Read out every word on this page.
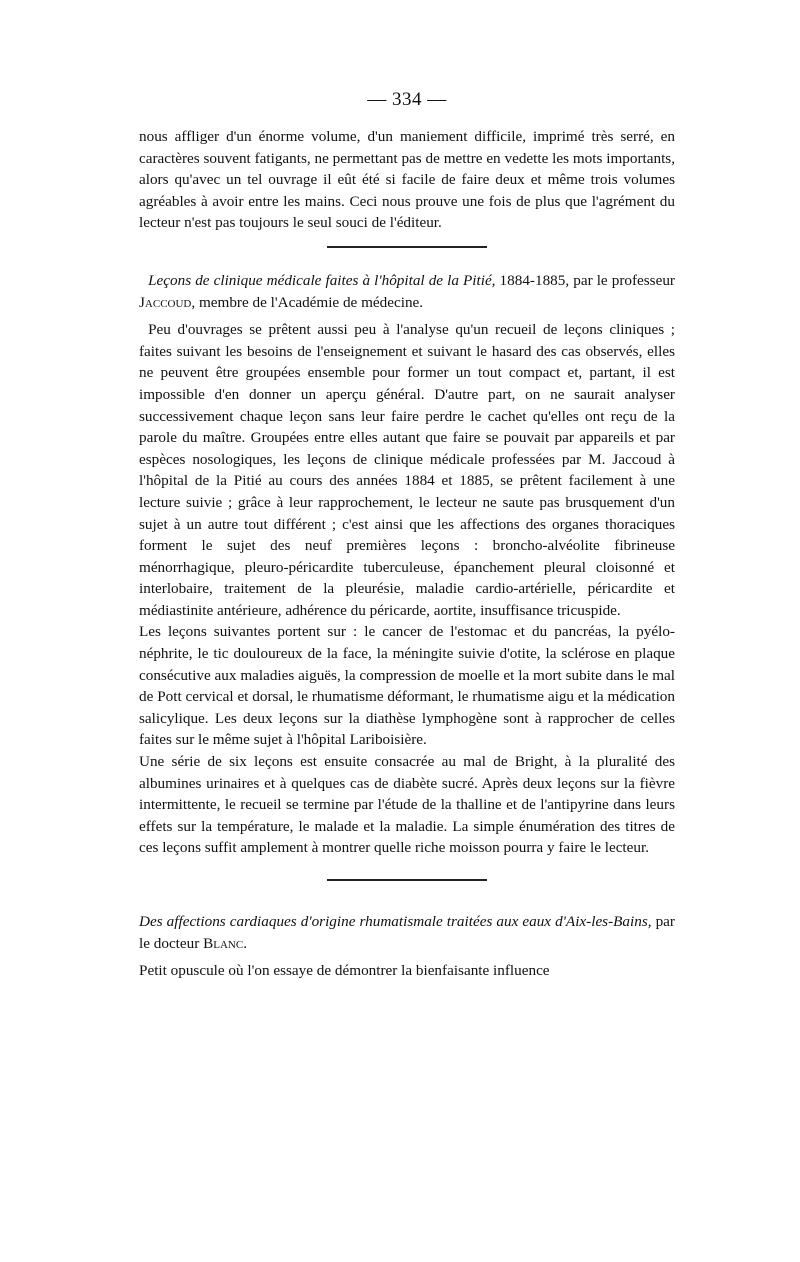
— 334 —

nous affliger d'un énorme volume, d'un maniement difficile, imprimé très serré, en caractères souvent fatigants, ne permettant pas de mettre en vedette les mots importants, alors qu'avec un tel ouvrage il eût été si facile de faire deux et même trois volumes agréables à avoir entre les mains. Ceci nous prouve une fois de plus que l'agrément du lecteur n'est pas toujours le seul souci de l'éditeur.

Leçons de clinique médicale faites à l'hôpital de la Pitié, 1884-1885, par le professeur Jaccoud, membre de l'Académie de médecine.

Peu d'ouvrages se prêtent aussi peu à l'analyse qu'un recueil de leçons cliniques ; faites suivant les besoins de l'enseignement et suivant le hasard des cas observés, elles ne peuvent être groupées ensemble pour former un tout compact et, partant, il est impossible d'en donner un aperçu général. D'autre part, on ne saurait analyser successivement chaque leçon sans leur faire perdre le cachet qu'elles ont reçu de la parole du maître. Groupées entre elles autant que faire se pouvait par appareils et par espèces nosologiques, les leçons de clinique médicale professées par M. Jaccoud à l'hôpital de la Pitié au cours des années 1884 et 1885, se prêtent facilement à une lecture suivie ; grâce à leur rapprochement, le lecteur ne saute pas brusquement d'un sujet à un autre tout différent ; c'est ainsi que les affections des organes thoraciques forment le sujet des neuf premières leçons : broncho-alvéolite fibrineuse ménorrhagique, pleuro-péricardite tuberculeuse, épanchement pleural cloisonné et interlobaire, traitement de la pleurésie, maladie cardio-artérielle, péricardite et médiastinite antérieure, adhérence du péricarde, aortite, insuffisance tricuspide.

Les leçons suivantes portent sur : le cancer de l'estomac et du pancréas, la pyélo-néphrite, le tic douloureux de la face, la méningite suivie d'otite, la sclérose en plaque consécutive aux maladies aiguës, la compression de moelle et la mort subite dans le mal de Pott cervical et dorsal, le rhumatisme déformant, le rhumatisme aigu et la médication salicylique. Les deux leçons sur la diathèse lymphogène sont à rapprocher de celles faites sur le même sujet à l'hôpital Lariboisière.

Une série de six leçons est ensuite consacrée au mal de Bright, à la pluralité des albumines urinaires et à quelques cas de diabète sucré. Après deux leçons sur la fièvre intermittente, le recueil se termine par l'étude de la thalline et de l'antipyrine dans leurs effets sur la température, le malade et la maladie. La simple énumération des titres de ces leçons suffit amplement à montrer quelle riche moisson pourra y faire le lecteur.

Des affections cardiaques d'origine rhumatismale traitées aux eaux d'Aix-les-Bains, par le docteur Blanc.

Petit opuscule où l'on essaye de démontrer la bienfaisante influence
